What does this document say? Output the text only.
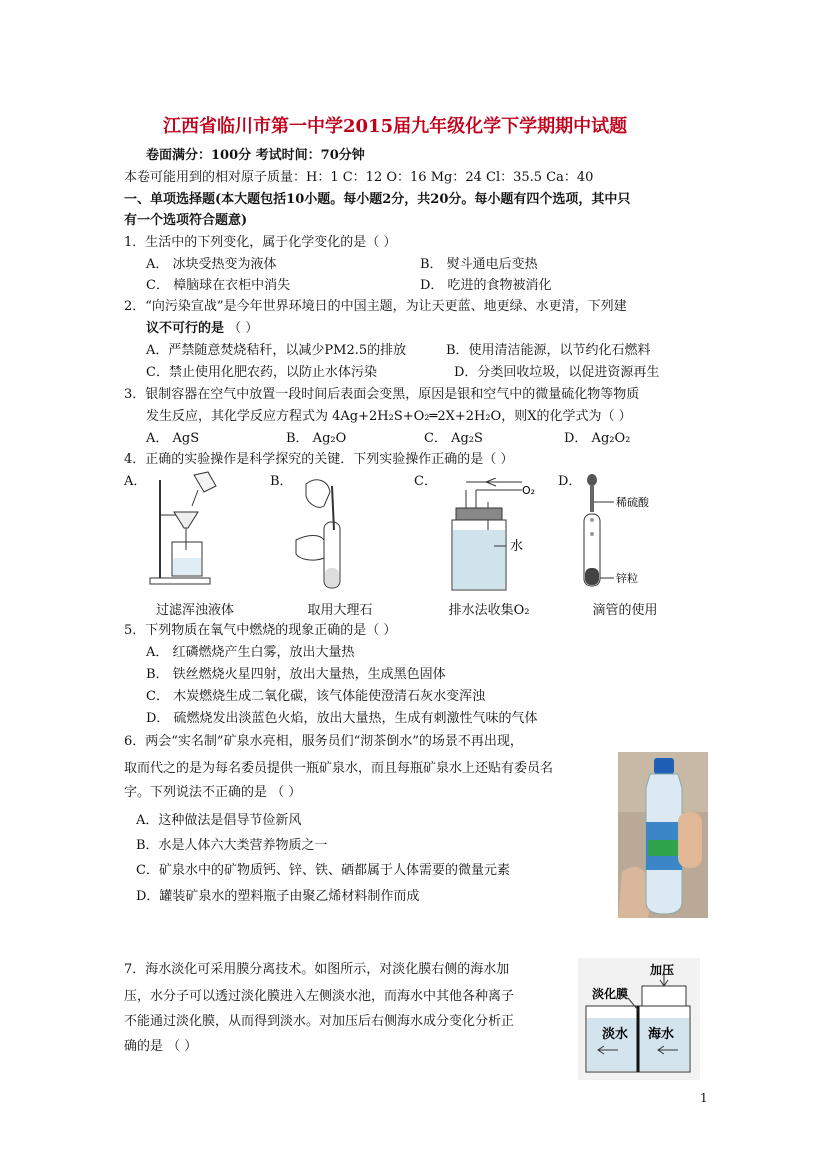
江西省临川市第一中学2015届九年级化学下学期期中试题
卷面满分：100分 考试时间：70分钟
本卷可能用到的相对原子质量：H：1 C：12 O：16 Mg：24 Cl：35.5 Ca：40
一、单项选择题(本大题包括10小题。每小题2分，共20分。每小题有四个选项，其中只
有一个选项符合题意)
1．生活中的下列变化，属于化学变化的是（ ）
A． 冰块受热变为液体	B． 熨斗通电后变热
C． 樟脑球在衣柜中消失	D． 吃进的食物被消化
2．“向污染宣战”是今年世界环境日的中国主题，为让天更蓝、地更绿、水更清，下列建
议不可行的是 （ ）
A．严禁随意焚烧秸秆，以减少PM2.5的排放	B．使用清洁能源，以节约化石燃料
C．禁止使用化肥农药，以防止水体污染	D．分类回收垃圾，以促进资源再生
3．银制容器在空气中放置一段时间后表面会变黑，原因是银和空气中的微量硫化物等物质
发生反应，其化学反应方程式为 4Ag+2H₂S+O₂═2X+2H₂O，则X的化学式为（ ）
A． AgS	B． Ag₂O	C． Ag₂S	D． Ag₂O₂
4．正确的实验操作是科学探究的关键．下列实验操作正确的是（ ）
A．	B．	C．	D．
过滤浑浊液体	取用大理石
O₂
水
排水法收集O₂
稀硫酸
锌粒
滴管的使用
5．下列物质在氧气中燃烧的现象正确的是（ ）
A． 红磷燃烧产生白雾，放出大量热
B． 铁丝燃烧火星四射，放出大量热，生成黑色固体
C． 木炭燃烧生成二氧化碳，该气体能使澄清石灰水变浑浊
D． 硫燃烧发出淡蓝色火焰，放出大量热，生成有刺激性气味的气体
6．两会“实名制”矿泉水亮相，服务员们“沏茶倒水”的场景不再出现，
取而代之的是为每名委员提供一瓶矿泉水，而且每瓶矿泉水上还贴有委员名
字。下列说法不正确的是 （ ）
A．这种做法是倡导节俭新风
B．水是人体六大类营养物质之一
C．矿泉水中的矿物质钙、锌、铁、硒都属于人体需要的微量元素
D．罐装矿泉水的塑料瓶子由聚乙烯材料制作而成
7．海水淡化可采用膜分离技术。如图所示，对淡化膜右侧的海水加
压，水分子可以透过淡化膜进入左侧淡水池，而海水中其他各种离子
不能通过淡化膜，从而得到淡水。对加压后右侧海水成分变化分析正
确的是 （ ）
加压
淡化膜
淡水 海水
1
